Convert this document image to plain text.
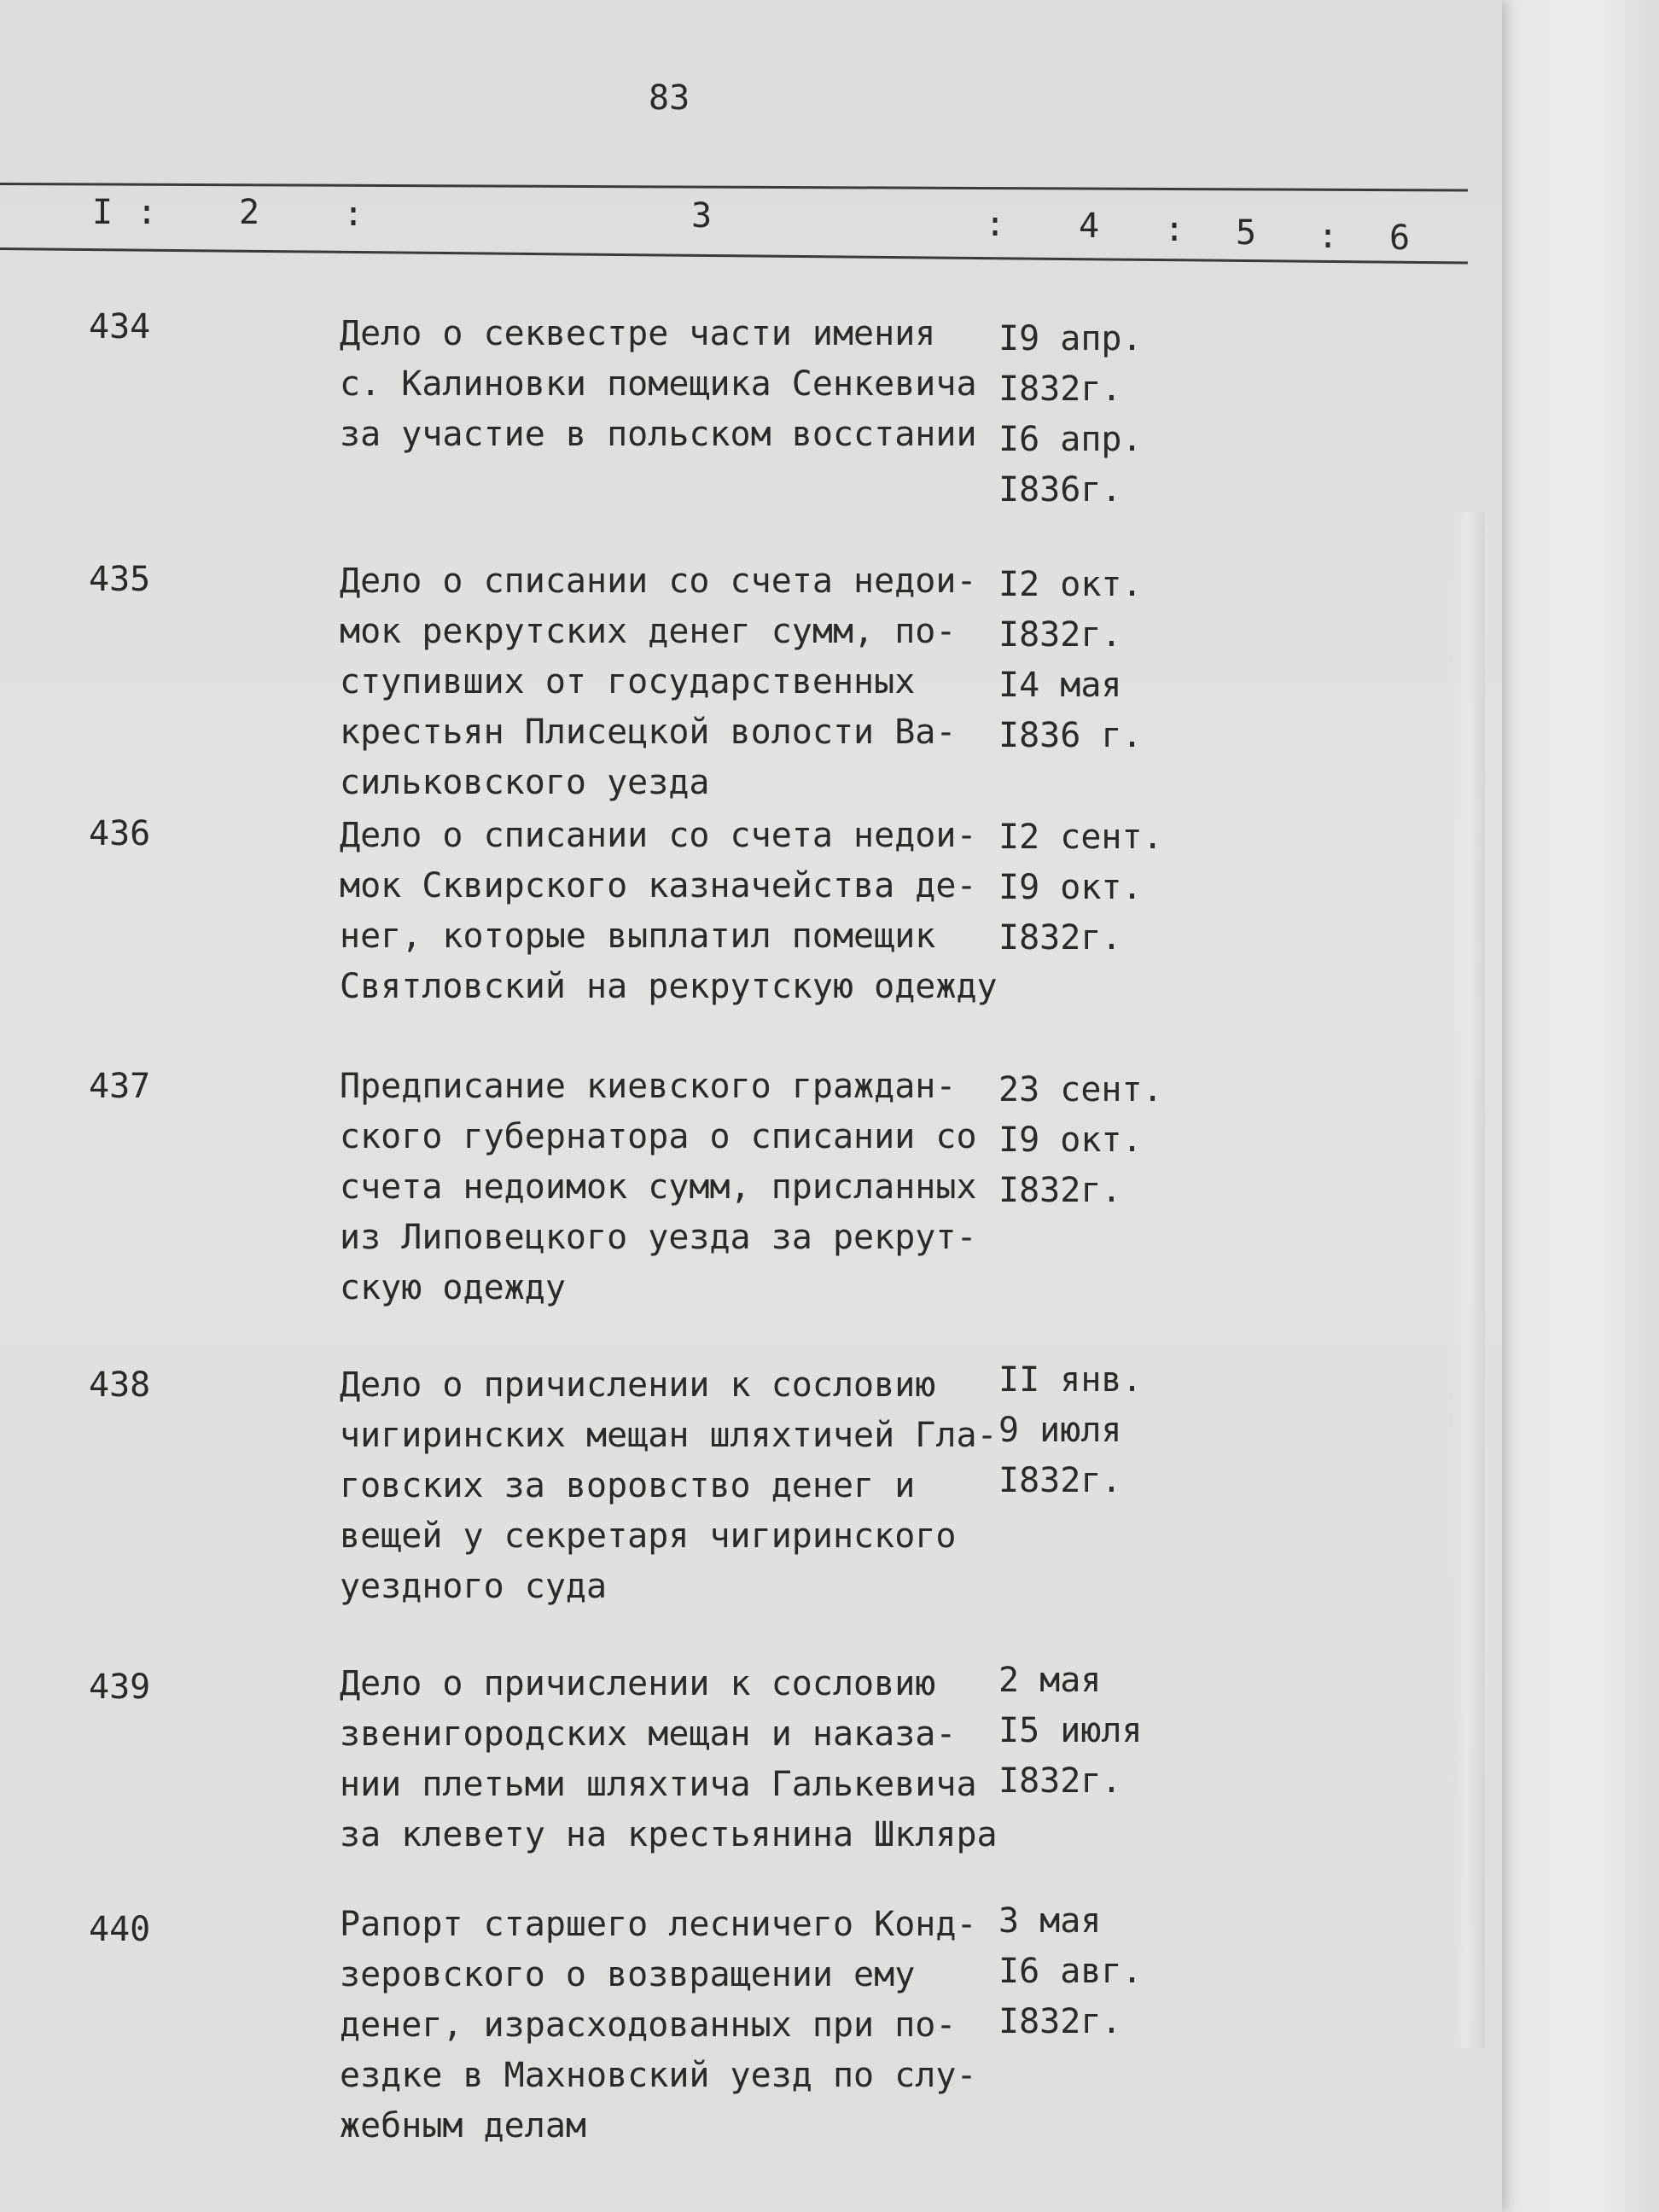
83
I : 2 :	3	: 4 : 5 : 6
434	Дело о секвестре части имения
с. Калиновки помещика Сенкевича
за участие в польском восстании
I9 апр.
I832г.
I6 апр.
I836г.
435	Дело о списании со счета недои-
мок рекрутских денег сумм, по-
ступивших от государственных
крестьян Плисецкой волости Ва-
сильковского уезда
I2 окт.
I832г.
I4 мая
I836 г.
436	Дело о списании со счета недои-
мок Сквирского казначейства де-
нег, которые выплатил помещик
Святловский на рекрутскую одежду
I2 сент.
I9 окт.
I832г.
437	Предписание киевского граждан-
ского губернатора о списании со
счета недоимок сумм, присланных
из Липовецкого уезда за рекрут-
скую одежду
23 сент.
I9 окт.
I832г.
438	Дело о причислении к сословию
чигиринских мещан шляхтичей Гла-
говских за воровство денег и
вещей у секретаря чигиринского
уездного суда
II янв.
9 июля
I832г.
439	Дело о причислении к сословию
звенигородских мещан и наказа-
нии плетьми шляхтича Галькевича
за клевету на крестьянина Шкляра
2 мая
I5 июля
I832г.
440	Рапорт старшего лесничего Конд-
зеровского о возвращении ему
денег, израсходованных при по-
ездке в Махновский уезд по слу-
жебным делам
3 мая
I6 авг.
I832г.
